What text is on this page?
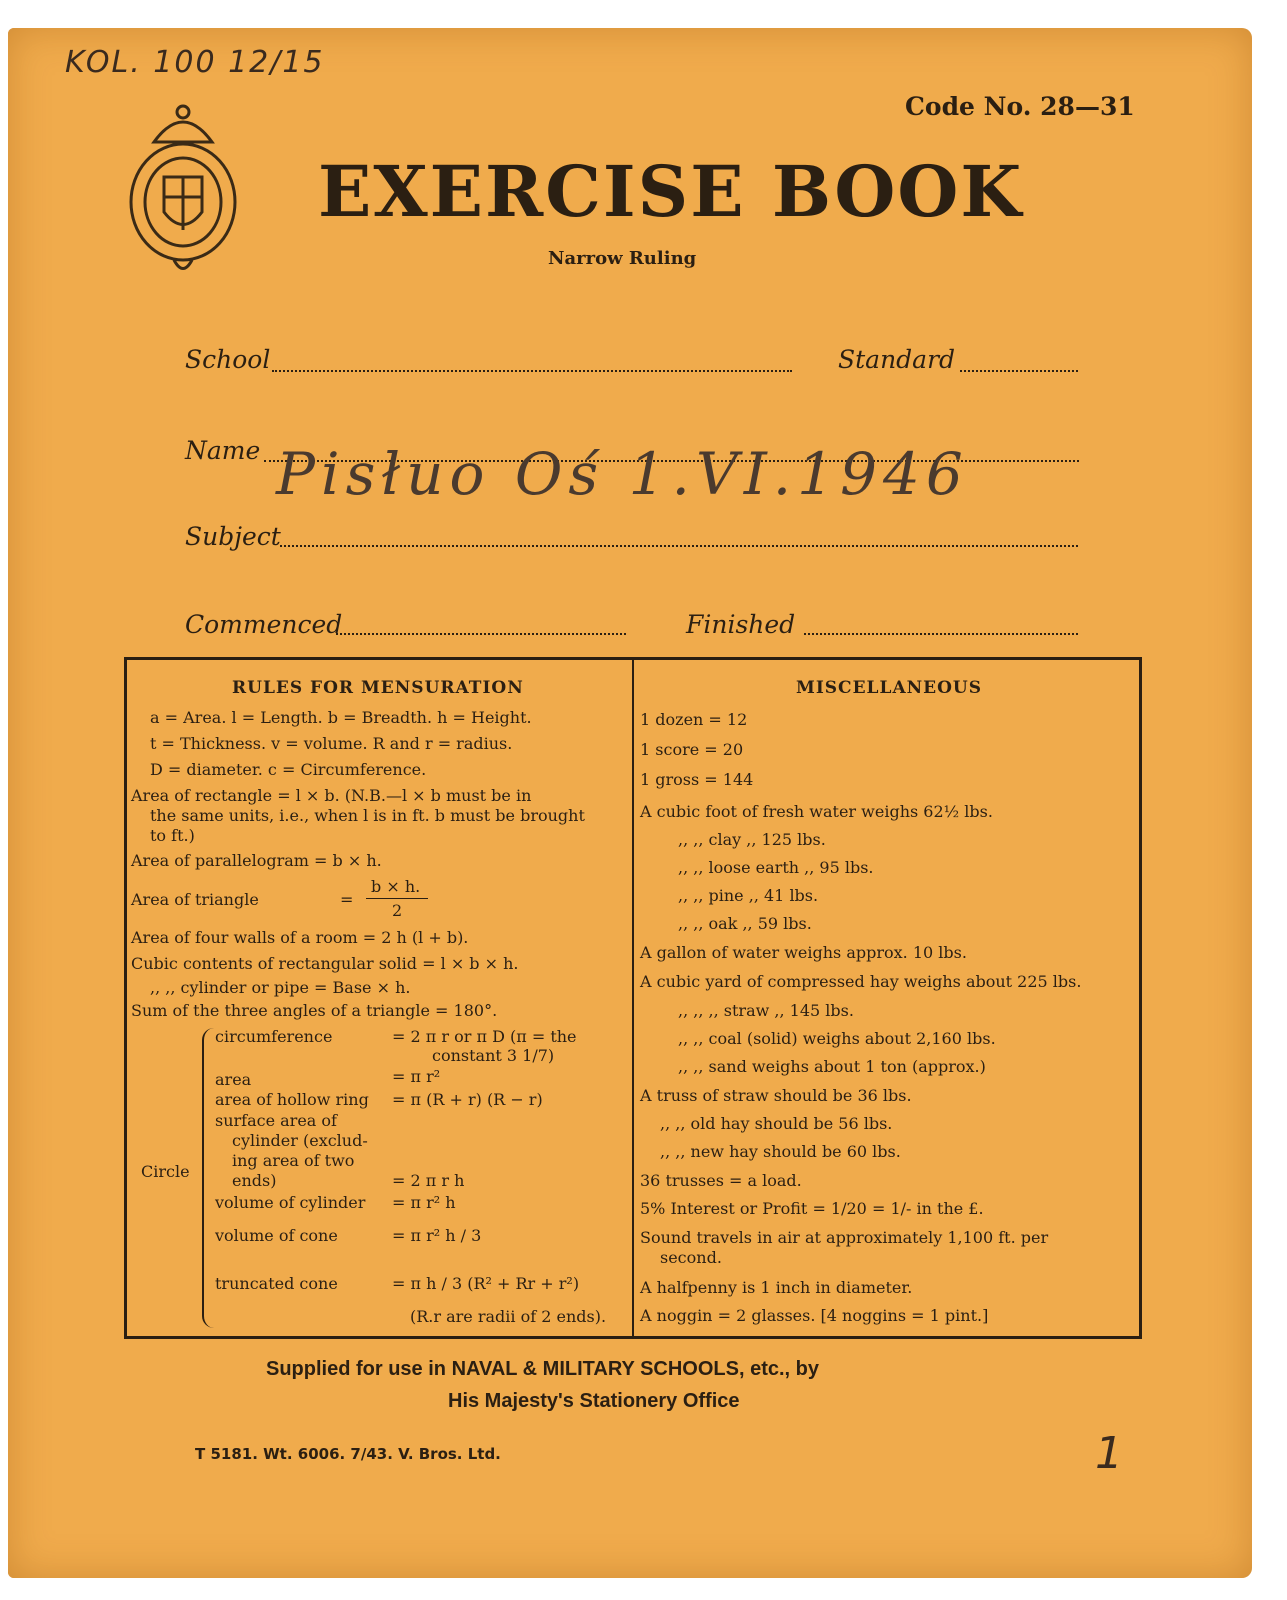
KOL. 100 12/15
Code No. 28—31
EXERCISE BOOK
Narrow Ruling
School	Standard
Name Pisłuo Oś 1.VI.1946
Subject
Commenced	Finished
RULES FOR MENSURATION	MISCELLANEOUS
a = Area. l = Length. b = Breadth. h = Height.
t = Thickness. v = volume. R and r = radius.
D = diameter. c = Circumference.
Area of rectangle = l × b. (N.B.—l × b must be in
the same units, i.e., when l is in ft. b must be brought
to ft.)
Area of parallelogram = b × h.
Area of triangle	=
b × h.
2
Area of four walls of a room = 2 h (l + b).
Cubic contents of rectangular solid = l × b × h.
,, ,, cylinder or pipe = Base × h.
Sum of the three angles of a triangle = 180°.
Circle
circumference	= 2 π r or π D (π = the
constant 3 1/7)
area	= π r²
area of hollow ring = π (R + r) (R − r)
surface area of
cylinder (exclud-
ing area of two
ends)	= 2 π r h
volume of cylinder = π r² h
volume of cone	= π r² h / 3
truncated cone	= π h / 3 (R² + Rr + r²)
(R.r are radii of 2 ends).
1 dozen = 12
1 score = 20
1 gross = 144
A cubic foot of fresh water weighs 62½ lbs.
,, ,, clay ,, 125 lbs.
,, ,, loose earth ,, 95 lbs.
,, ,, pine ,, 41 lbs.
,, ,, oak ,, 59 lbs.
A gallon of water weighs approx. 10 lbs.
A cubic yard of compressed hay weighs about 225 lbs.
,, ,, ,, straw ,, 145 lbs.
,, ,, coal (solid) weighs about 2,160 lbs.
,, ,, sand weighs about 1 ton (approx.)
A truss of straw should be 36 lbs.
,, ,, old hay should be 56 lbs.
,, ,, new hay should be 60 lbs.
36 trusses = a load.
5% Interest or Profit = 1/20 = 1/- in the £.
Sound travels in air at approximately 1,100 ft. per
second.
A halfpenny is 1 inch in diameter.
A noggin = 2 glasses. [4 noggins = 1 pint.]
Supplied for use in NAVAL & MILITARY SCHOOLS, etc., by
His Majesty's Stationery Office
T 5181. Wt. 6006. 7/43. V. Bros. Ltd.	1
